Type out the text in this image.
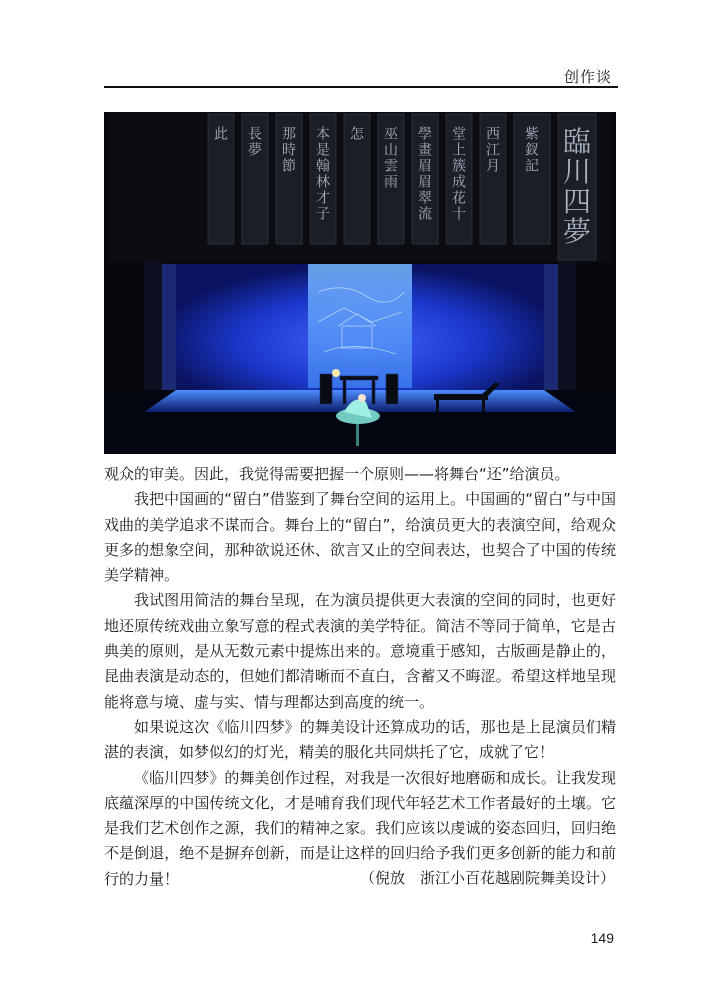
创作谈
臨川四夢
紫釵記
西江月
堂上簇成花十
學畫眉眉翠流
巫山雲雨
怎
本是翰林才子
那時節
長夢
此

观众的审美。因此，我觉得需要把握一个原则——将舞台“还”给演员。

我把中国画的“留白”借鉴到了舞台空间的运用上。中国画的“留白”与中国戏曲的美学追求不谋而合。舞台上的“留白”，给演员更大的表演空间，给观众更多的想象空间，那种欲说还休、欲言又止的空间表达，也契合了中国的传统美学精神。

我试图用简洁的舞台呈现，在为演员提供更大表演的空间的同时，也更好地还原传统戏曲立象写意的程式表演的美学特征。简洁不等同于简单，它是古典美的原则，是从无数元素中提炼出来的。意境重于感知，古版画是静止的，昆曲表演是动态的，但她们都清晰而不直白，含蓄又不晦涩。希望这样地呈现能将意与境、虚与实、情与理都达到高度的统一。

如果说这次《临川四梦》的舞美设计还算成功的话，那也是上昆演员们精湛的表演，如梦似幻的灯光，精美的服化共同烘托了它，成就了它！

《临川四梦》的舞美创作过程，对我是一次很好地磨砺和成长。让我发现底蕴深厚的中国传统文化，才是哺育我们现代年轻艺术工作者最好的土壤。它是我们艺术创作之源，我们的精神之家。我们应该以虔诚的姿态回归，回归绝不是倒退，绝不是摒弃创新，而是让这样的回归给予我们更多创新的能力和前行的力量！	（倪放　浙江小百花越剧院舞美设计）
149
